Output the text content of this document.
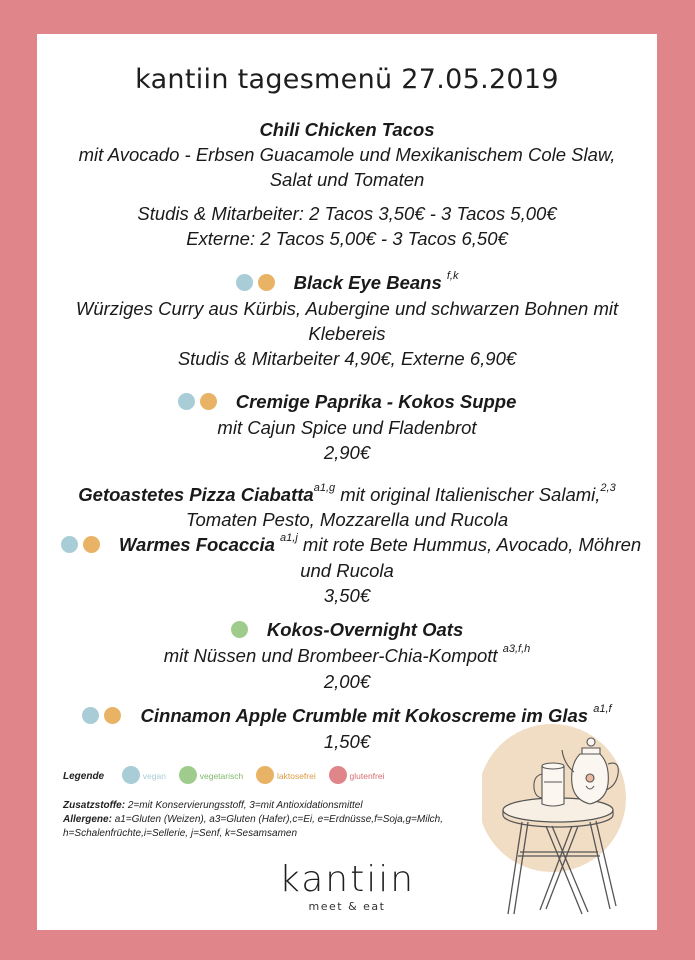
kantiin tagesmenü 27.05.2019
Chili Chicken Tacos
mit Avocado - Erbsen Guacamole und Mexikanischem Cole Slaw,
Salat und Tomaten
Studis & Mitarbeiter: 2 Tacos 3,50€ - 3 Tacos 5,00€
Externe: 2 Tacos 5,00€ - 3 Tacos 6,50€
Black Eye Beans $^{f,k}$
Würziges Curry aus Kürbis, Aubergine und schwarzen Bohnen mit
Klebereis
Studis & Mitarbeiter 4,90€, Externe 6,90€
Cremige Paprika - Kokos Suppe
mit Cajun Spice und Fladenbrot
2,90€
Getoastetes Pizza Ciabatta$^{a1,g}$ mit original Italienischer Salami,$^{2,3}$
Tomaten Pesto, Mozzarella und Rucola
Warmes Focaccia $^{a1,j}$ mit rote Bete Hummus, Avocado, Möhren
und Rucola
3,50€
Kokos-Overnight Oats
mit Nüssen und Brombeer-Chia-Kompott $^{a3,f,h}$
2,00€
Cinnamon Apple Crumble mit Kokoscreme im Glas $^{a1,f}$
1,50€
Legende	vegan	vegetarisch	laktosefrei	glutenfrei
Zusatzstoffe: 2=mit Konservierungsstoff, 3=mit Antioxidationsmittel
Allergene: a1=Gluten (Weizen), a3=Gluten (Hafer),c=Ei, e=Erdnüsse,f=Soja,g=Milch,
h=Schalenfrüchte,i=Sellerie, j=Senf, k=Sesamsamen
kantiin
meet & eat
